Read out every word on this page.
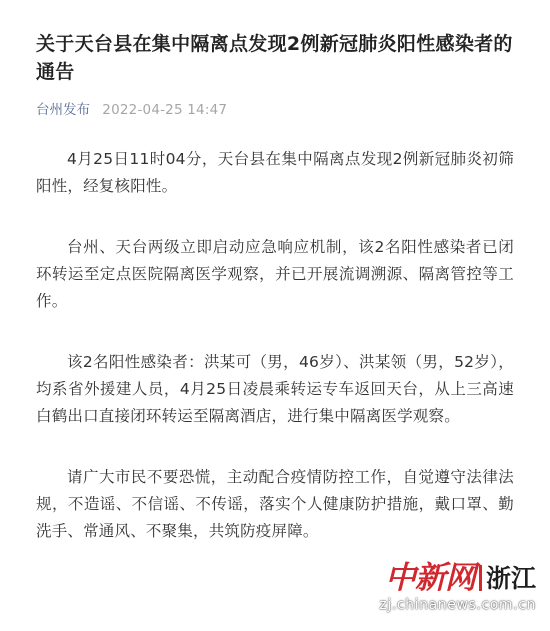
关于天台县在集中隔离点发现2例新冠肺炎阳性感染者的通告
台州发布 2022-04-25 14:47

4月25日11时04分，天台县在集中隔离点发现2例新冠肺炎初筛阳性，经复核阳性。

台州、天台两级立即启动应急响应机制，该2名阳性感染者已闭环转运至定点医院隔离医学观察，并已开展流调溯源、隔离管控等工作。

该2名阳性感染者：洪某可（男，46岁）、洪某领（男，52岁），均系省外援建人员，4月25日凌晨乘转运专车返回天台，从上三高速白鹤出口直接闭环转运至隔离酒店，进行集中隔离医学观察。

请广大市民不要恐慌，主动配合疫情防控工作，自觉遵守法律法规，不造谣、不信谣、不传谣，落实个人健康防护措施，戴口罩、勤洗手、常通风、不聚集，共筑防疫屏障。

中新网 浙江
zj.chinanews.com.cn
